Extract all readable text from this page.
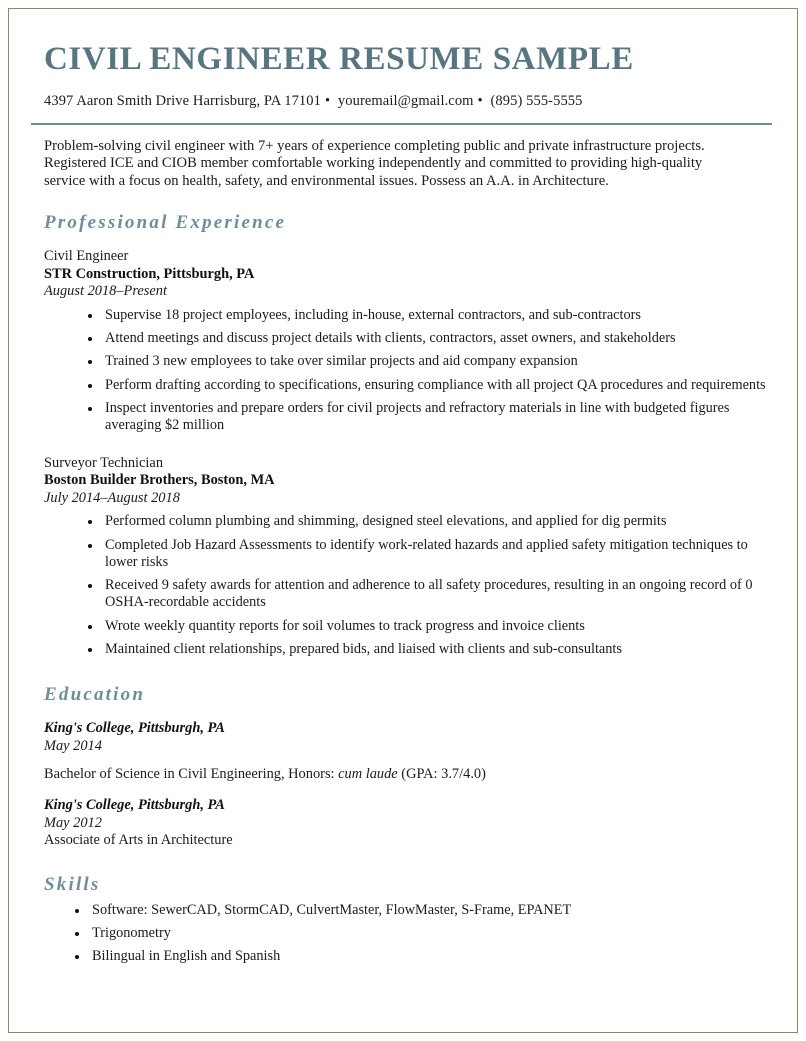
CIVIL ENGINEER RESUME SAMPLE
4397 Aaron Smith Drive Harrisburg, PA 17101 • youremail@gmail.com • (895) 555-5555
Problem-solving civil engineer with 7+ years of experience completing public and private infrastructure projects. Registered ICE and CIOB member comfortable working independently and committed to providing high-quality service with a focus on health, safety, and environmental issues. Possess an A.A. in Architecture.
Professional Experience
Civil Engineer
STR Construction, Pittsburgh, PA
August 2018–Present
Supervise 18 project employees, including in-house, external contractors, and sub-contractors
Attend meetings and discuss project details with clients, contractors, asset owners, and stakeholders
Trained 3 new employees to take over similar projects and aid company expansion
Perform drafting according to specifications, ensuring compliance with all project QA procedures and requirements
Inspect inventories and prepare orders for civil projects and refractory materials in line with budgeted figures averaging $2 million
Surveyor Technician
Boston Builder Brothers, Boston, MA
July 2014–August 2018
Performed column plumbing and shimming, designed steel elevations, and applied for dig permits
Completed Job Hazard Assessments to identify work-related hazards and applied safety mitigation techniques to lower risks
Received 9 safety awards for attention and adherence to all safety procedures, resulting in an ongoing record of 0 OSHA-recordable accidents
Wrote weekly quantity reports for soil volumes to track progress and invoice clients
Maintained client relationships, prepared bids, and liaised with clients and sub-consultants
Education
King's College, Pittsburgh, PA
May 2014
Bachelor of Science in Civil Engineering, Honors: cum laude (GPA: 3.7/4.0)
King's College, Pittsburgh, PA
May 2012
Associate of Arts in Architecture
Skills
Software: SewerCAD, StormCAD, CulvertMaster, FlowMaster, S-Frame, EPANET
Trigonometry
Bilingual in English and Spanish
